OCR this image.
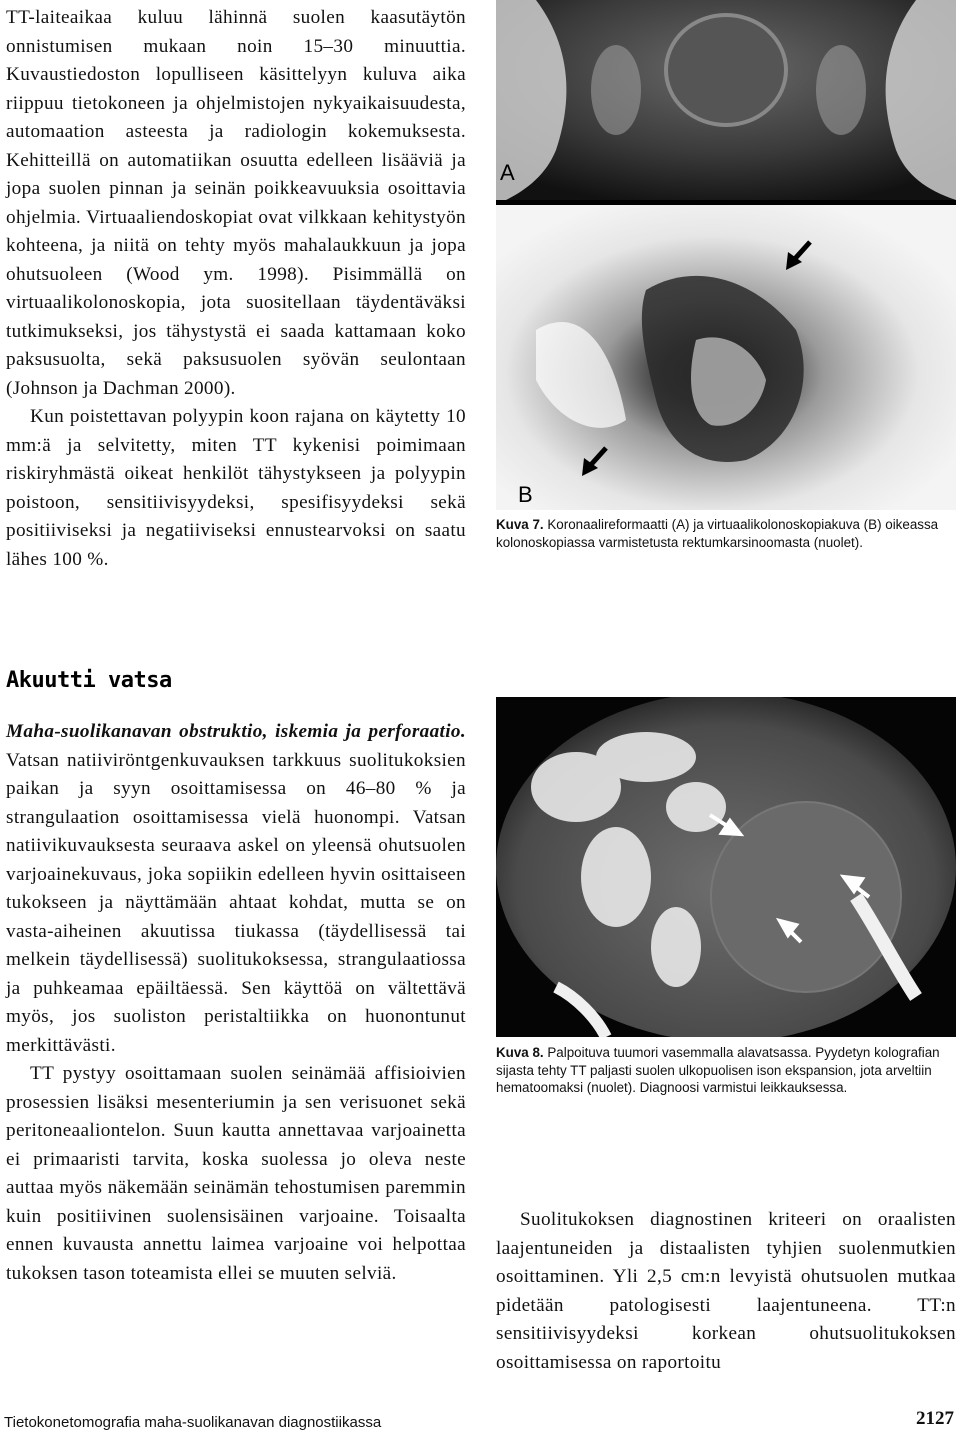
TT-laiteaikaa kuluu lähinnä suolen kaasutäytön onnistumisen mukaan noin 15–30 minuuttia. Kuvaustiedoston lopulliseen käsittelyyn kuluva aika riippuu tietokoneen ja ohjelmistojen nykyaikaisuudesta, automaation asteesta ja radiologin kokemuksesta. Kehitteillä on automatiikan osuutta edelleen lisääviä ja jopa suolen pinnan ja seinän poikkeavuuksia osoittavia ohjelmia. Virtuaaliendoskopiat ovat vilkkaan kehitystyön kohteena, ja niitä on tehty myös mahalaukkuun ja jopa ohutsuoleen (Wood ym. 1998). Pisimmällä on virtuaalikolonoskopia, jota suositellaan täydentäväksi tutkimukseksi, jos tähystystä ei saada kattamaan koko paksusuolta, sekä paksusuolen syövän seulontaan (Johnson ja Dachman 2000).

Kun poistettavan polyypin koon rajana on käytetty 10 mm:ä ja selvitetty, miten TT kykenisi poimimaan riskiryhmästä oikeat henkilöt tähystykseen ja polyypin poistoon, sensitiivisyydeksi, spesifisyydeksi sekä positiiviseksi ja negatiiviseksi ennustearvoksi on saatu lähes 100 %.

Akuutti vatsa

Maha-suolikanavan obstruktio, iskemia ja perforaatio. Vatsan natiiviröntgenkuvauksen tarkkuus suolitukoksien paikan ja syyn osoittamisessa on 46–80 % ja strangulaation osoittamisessa vielä huonompi. Vatsan natiivikuvauksesta seuraava askel on yleensä ohutsuolen varjoainekuvaus, joka sopiikin edelleen hyvin osittaiseen tukokseen ja näyttämään ahtaat kohdat, mutta se on vasta-aiheinen akuutissa tiukassa (täydellisessä tai melkein täydellisessä) suolitukoksessa, strangulaatiossa ja puhkeamaa epäiltäessä. Sen käyttöä on vältettävä myös, jos suoliston peristaltiikka on huonontunut merkittävästi.

TT pystyy osoittamaan suolen seinämää affisioivien prosessien lisäksi mesenteriumin ja sen verisuonet sekä peritoneaaliontelon. Suun kautta annettavaa varjoainetta ei primaaristi tarvita, koska suolessa jo oleva neste auttaa myös näkemään seinämän tehostumisen paremmin kuin positiivinen suolensisäinen varjoaine. Toisaalta ennen kuvausta annettu laimea varjoaine voi helpottaa tukoksen tason toteamista ellei se muuten selviä.

A
B
Kuva 7. Koronaalireformaatti (A) ja virtuaalikolonoskopiakuva (B) oikeassa kolonoskopiassa varmistetusta rektumkarsinoomasta (nuolet).
Kuva 8. Palpoituva tuumori vasemmalla alavatsassa. Pyydetyn kolografian sijasta tehty TT paljasti suolen ulkopuolisen ison ekspansion, jota arveltiin hematoomaksi (nuolet). Diagnoosi varmistui leikkauksessa.

Suolitukoksen diagnostinen kriteeri on oraalisten laajentuneiden ja distaalisten tyhjien suolenmutkien osoittaminen. Yli 2,5 cm:n levyistä ohutsuolen mutkaa pidetään patologisesti laajentuneena. TT:n sensitiivisyydeksi korkean ohutsuolitukoksen osoittamisessa on raportoitu

Tietokonetomografia maha-suolikanavan diagnostiikassa	2127
